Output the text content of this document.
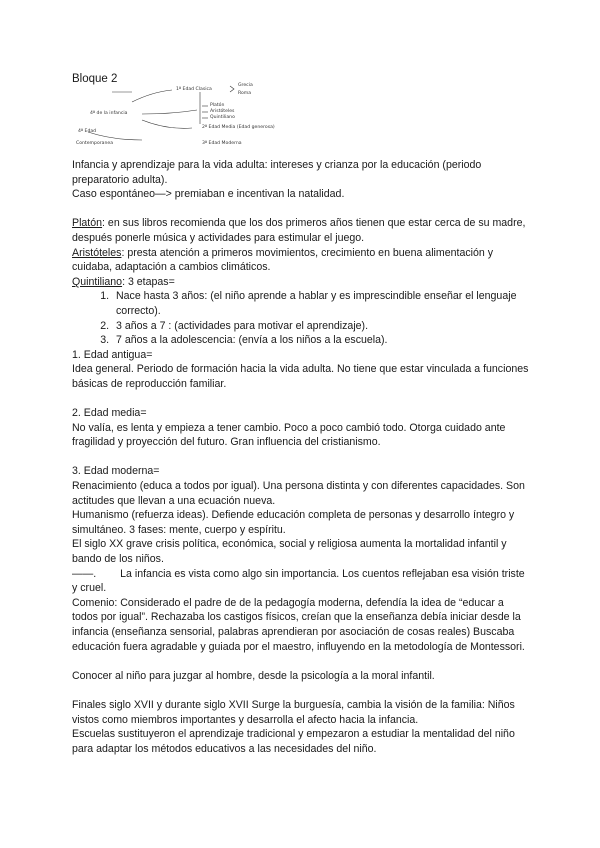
Bloque 2
1ª Edad Clasica
Grecia
Roma
Platón
Aristóteles
Quintiliano
4ª de la infancia
2ª Edad Media (Edad generosa)
4ª Edad
Contemporanea	3ª Edad Moderna

Infancia y aprendizaje para la vida adulta: intereses y crianza por la educación (periodo preparatorio adulta).

Caso espontáneo—> premiaban e incentivan la natalidad.

Platón: en sus libros recomienda que los dos primeros años tienen que estar cerca de su madre, después ponerle música y actividades para estimular el juego.

Aristóteles: presta atención a primeros movimientos, crecimiento en buena alimentación y cuidaba, adaptación a cambios climáticos.

Quintiliano: 3 etapas=

1. Nace hasta 3 años: (el niño aprende a hablar y es imprescindible enseñar el lenguaje correcto).
2. 3 años a 7 : (actividades para motivar el aprendizaje).
3. 7 años a la adolescencia: (envía a los niños a la escuela).

1. Edad antigua=

Idea general. Periodo de formación hacia la vida adulta. No tiene que estar vinculada a funciones básicas de reproducción familiar.

2. Edad media=

No valía, es lenta y empieza a tener cambio. Poco a poco cambió todo. Otorga cuidado ante fragilidad y proyección del futuro. Gran influencia del cristianismo.

3. Edad moderna=

Renacimiento (educa a todos por igual). Una persona distinta y con diferentes capacidades. Son actitudes que llevan a una ecuación nueva.

Humanismo (refuerza ideas). Defiende educación completa de personas y desarrollo íntegro y simultáneo. 3 fases: mente, cuerpo y espíritu.

El siglo XX grave crisis política, económica, social y religiosa aumenta la mortalidad infantil y bando de los niños.

——. La infancia es vista como algo sin importancia. Los cuentos reflejaban esa visión triste y cruel.

Comenio: Considerado el padre de de la pedagogía moderna, defendía la idea de “educar a todos por igual”. Rechazaba los castigos físicos, creían que la enseñanza debía iniciar desde la infancia (enseñanza sensorial, palabras aprendieran por asociación de cosas reales) Buscaba educación fuera agradable y guiada por el maestro, influyendo en la metodología de Montessori.

Conocer al niño para juzgar al hombre, desde la psicología a la moral infantil.

Finales siglo XVII y durante siglo XVII Surge la burguesía, cambia la visión de la familia: Niños vistos como miembros importantes y desarrolla el afecto hacia la infancia.

Escuelas sustituyeron el aprendizaje tradicional y empezaron a estudiar la mentalidad del niño para adaptar los métodos educativos a las necesidades del niño.
